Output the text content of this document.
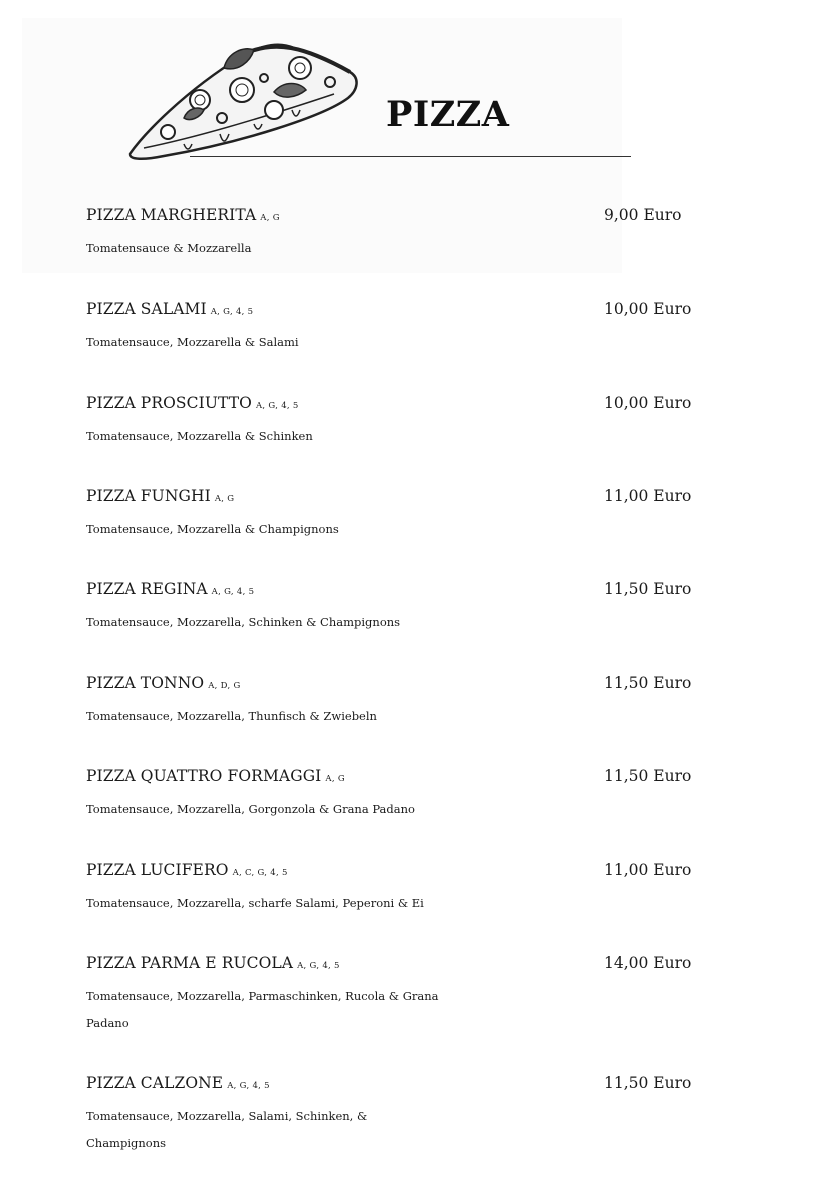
PIZZA
PIZZA MARGHERITA A, G
Tomatensauce & Mozzarella
9,00 Euro
PIZZA SALAMI A, G, 4, 5
Tomatensauce, Mozzarella & Salami
10,00 Euro
PIZZA PROSCIUTTO A, G, 4, 5
Tomatensauce, Mozzarella & Schinken
10,00 Euro
PIZZA FUNGHI A, G
Tomatensauce, Mozzarella & Champignons
11,00 Euro
PIZZA REGINA A, G, 4, 5
Tomatensauce, Mozzarella, Schinken & Champignons
11,50 Euro
PIZZA TONNO A, D, G
Tomatensauce, Mozzarella, Thunfisch & Zwiebeln
11,50 Euro
PIZZA QUATTRO FORMAGGI A, G
Tomatensauce, Mozzarella, Gorgonzola & Grana Padano
11,50 Euro
PIZZA LUCIFERO A, C, G, 4, 5
Tomatensauce, Mozzarella, scharfe Salami, Peperoni & Ei
11,00 Euro
PIZZA PARMA E RUCOLA A, G, 4, 5
Tomatensauce, Mozzarella, Parmaschinken, Rucola & Grana Padano
14,00 Euro
PIZZA CALZONE A, G, 4, 5
Tomatensauce, Mozzarella, Salami, Schinken, & Champignons
11,50 Euro
